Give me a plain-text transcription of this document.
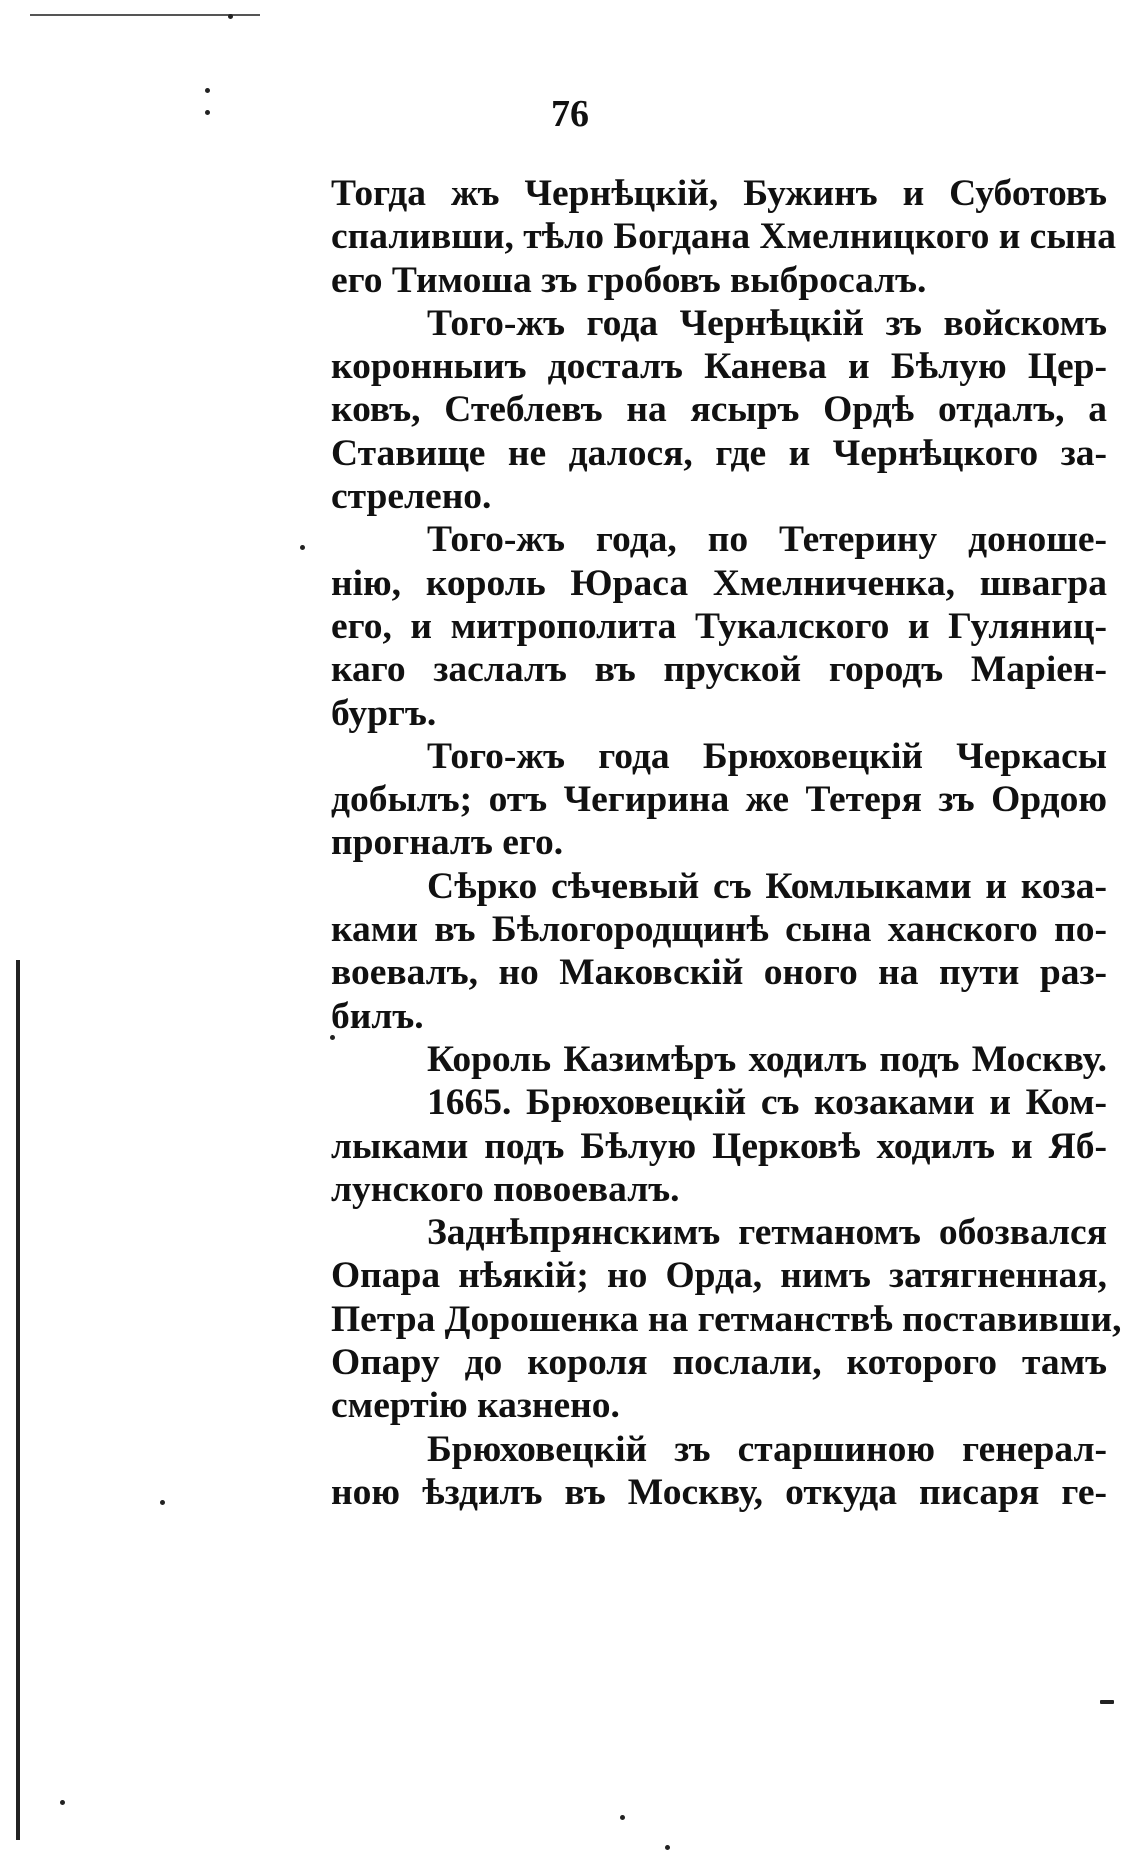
76
Тогда жъ Чернѣцкій, Бужинъ и Суботовъ
спаливши, тѣло Богдана Хмелницкого и сына
его Тимоша зъ гробовъ выбросалъ.
Того-жъ года Чернѣцкій зъ войскомъ
коронныиъ досталъ Канева и Бѣлую Цер-
ковъ, Стеблевъ на ясыръ Ордѣ отдалъ, а
Ставище не далося, где и Чернѣцкого за-
стрелено.
Того-жъ года, по Тетерину доноше-
нію, король Юраса Хмелниченка, швагра
его, и митрополита Тукалского и Гуляниц-
каго заслалъ въ пруской городъ Маріен-
бургъ.
Того-жъ года Брюховецкій Черкасы
добылъ; отъ Чегирина же Тетеря зъ Ордою
прогналъ его.
Сѣрко сѣчевый съ Комлыками и коза-
ками въ Бѣлогородщинѣ сына ханского по-
воевалъ, но Маковскій оного на пути раз-
билъ.
Король Казимѣръ ходилъ подъ Москву.
1665. Брюховецкій съ козаками и Ком-
лыками подъ Бѣлую Церковѣ ходилъ и Яб-
лунского повоевалъ.
Заднѣпрянскимъ гетманомъ обозвался
Опара нѣякій; но Орда, нимъ затягненная,
Петра Дорошенка на гетманствѣ поставивши,
Опару до короля послали, которого тамъ
смертію казнено.
Брюховецкій зъ старшиною генерал-
ною ѣздилъ въ Москву, откуда писаря ге-
